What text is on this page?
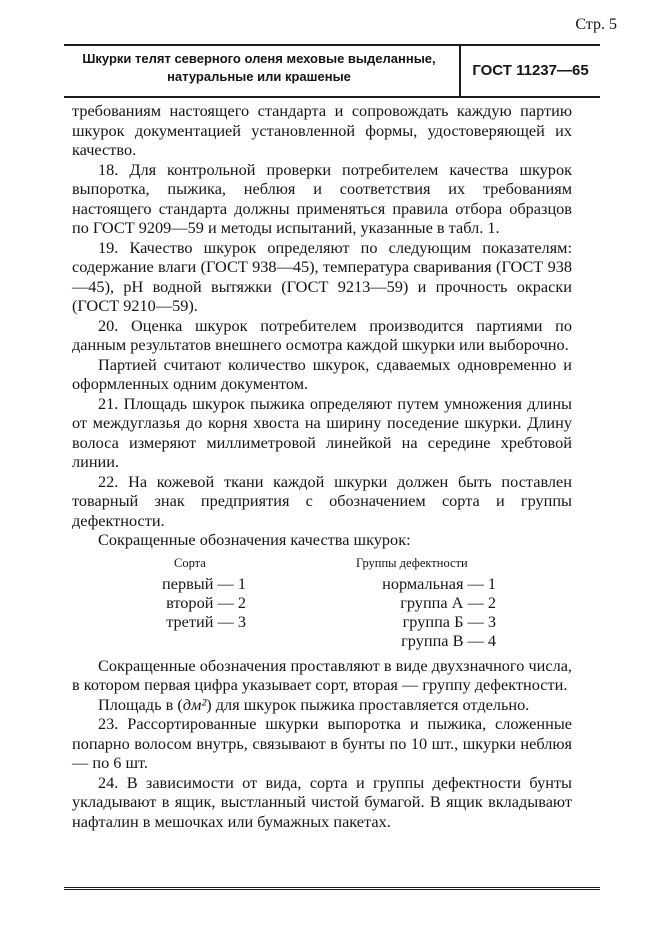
Стр. 5
Шкурки телят северного оленя меховые выделанные,
натуральные или крашеные	ГОСТ 11237—65

требованиям настоящего стандарта и сопровождать каждую партию шкурок документацией установленной формы, удостоверяющей их качество.

18. Для контрольной проверки потребителем качества шкурок выпоротка, пыжика, неблюя и соответствия их требованиям настоящего стандарта должны применяться правила отбора образцов по ГОСТ 9209—59 и методы испытаний, указанные в табл. 1.

19. Качество шкурок определяют по следующим показателям: содержание влаги (ГОСТ 938—45), температура сваривания (ГОСТ 938—45), pH водной вытяжки (ГОСТ 9213—59) и прочность окраски (ГОСТ 9210—59).

20. Оценка шкурок потребителем производится партиями по данным результатов внешнего осмотра каждой шкурки или выборочно.

Партией считают количество шкурок, сдаваемых одновременно и оформленных одним документом.

21. Площадь шкурок пыжика определяют путем умножения длины от междуглазья до корня хвоста на ширину поседение шкурки. Длину волоса измеряют миллиметровой линейкой на середине хребтовой линии.

22. На кожевой ткани каждой шкурки должен быть поставлен товарный знак предприятия с обозначением сорта и группы дефектности.

Сокращенные обозначения качества шкурок:

Сорта	Группы дефектности
первый — 1
второй — 2
третий — 3
нормальная — 1
группа А — 2
группа Б — 3
группа В — 4

Сокращенные обозначения проставляют в виде двухзначного числа, в котором первая цифра указывает сорт, вторая — группу дефектности.

Площадь в (дм²) для шкурок пыжика проставляется отдельно.

23. Рассортированные шкурки выпоротка и пыжика, сложенные попарно волосом внутрь, связывают в бунты по 10 шт., шкурки неблюя — по 6 шт.

24. В зависимости от вида, сорта и группы дефектности бунты укладывают в ящик, выстланный чистой бумагой. В ящик вкладывают нафталин в мешочках или бумажных пакетах.
